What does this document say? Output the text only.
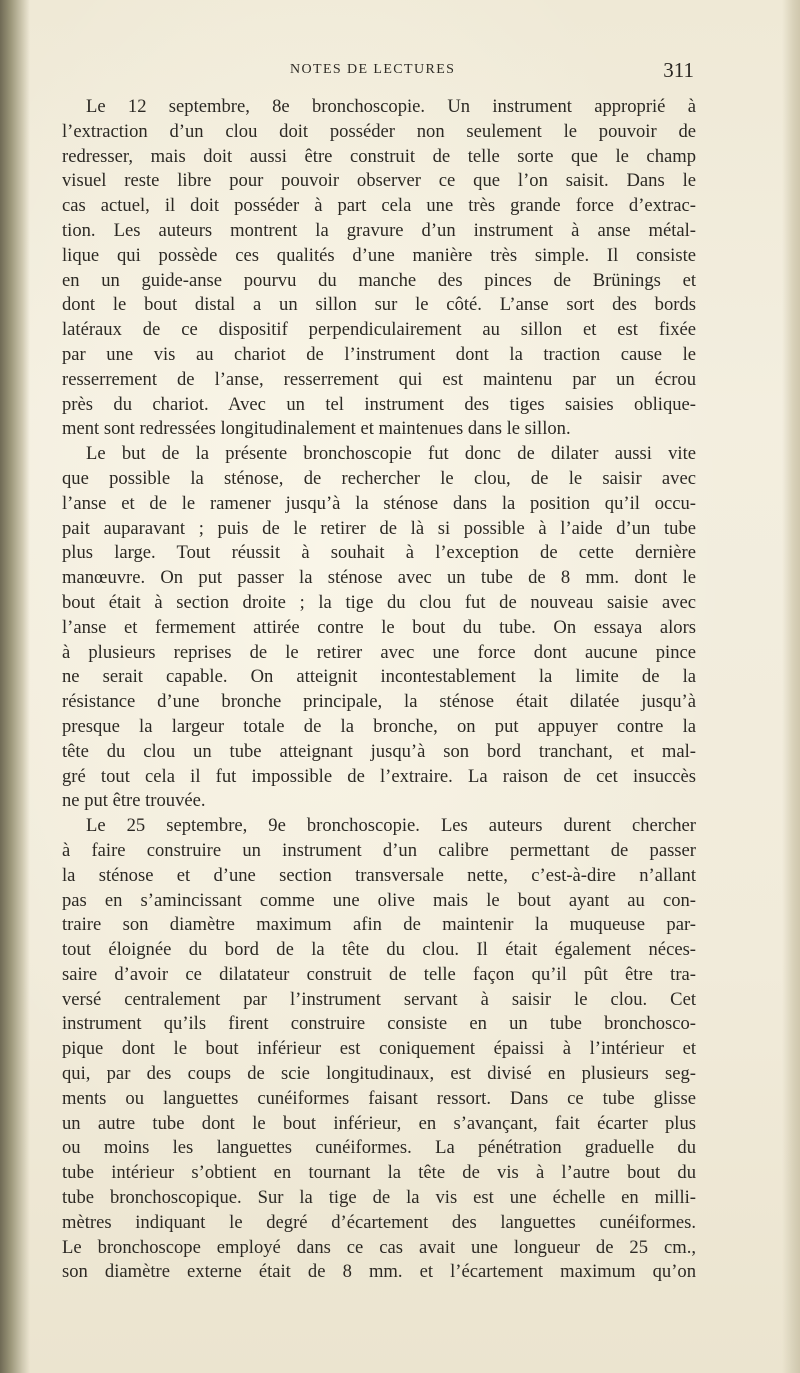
NOTES DE LECTURES	311
Le 12 septembre, 8e bronchoscopie. Un instrument approprié à
l’extraction d’un clou doit posséder non seulement le pouvoir de
redresser, mais doit aussi être construit de telle sorte que le champ
visuel reste libre pour pouvoir observer ce que l’on saisit. Dans le
cas actuel, il doit posséder à part cela une très grande force d’extrac-
tion. Les auteurs montrent la gravure d’un instrument à anse métal-
lique qui possède ces qualités d’une manière très simple. Il consiste
en un guide-anse pourvu du manche des pinces de Brünings et
dont le bout distal a un sillon sur le côté. L’anse sort des bords
latéraux de ce dispositif perpendiculairement au sillon et est fixée
par une vis au chariot de l’instrument dont la traction cause le
resserrement de l’anse, resserrement qui est maintenu par un écrou
près du chariot. Avec un tel instrument des tiges saisies oblique-
ment sont redressées longitudinalement et maintenues dans le sillon.
Le but de la présente bronchoscopie fut donc de dilater aussi vite
que possible la sténose, de rechercher le clou, de le saisir avec
l’anse et de le ramener jusqu’à la sténose dans la position qu’il occu-
pait auparavant ; puis de le retirer de là si possible à l’aide d’un tube
plus large. Tout réussit à souhait à l’exception de cette dernière
manœuvre. On put passer la sténose avec un tube de 8 mm. dont le
bout était à section droite ; la tige du clou fut de nouveau saisie avec
l’anse et fermement attirée contre le bout du tube. On essaya alors
à plusieurs reprises de le retirer avec une force dont aucune pince
ne serait capable. On atteignit incontestablement la limite de la
résistance d’une bronche principale, la sténose était dilatée jusqu’à
presque la largeur totale de la bronche, on put appuyer contre la
tête du clou un tube atteignant jusqu’à son bord tranchant, et mal-
gré tout cela il fut impossible de l’extraire. La raison de cet insuccès
ne put être trouvée.
Le 25 septembre, 9e bronchoscopie. Les auteurs durent chercher
à faire construire un instrument d’un calibre permettant de passer
la sténose et d’une section transversale nette, c’est-à-dire n’allant
pas en s’amincissant comme une olive mais le bout ayant au con-
traire son diamètre maximum afin de maintenir la muqueuse par-
tout éloignée du bord de la tête du clou. Il était également néces-
saire d’avoir ce dilatateur construit de telle façon qu’il pût être tra-
versé centralement par l’instrument servant à saisir le clou. Cet
instrument qu’ils firent construire consiste en un tube bronchosco-
pique dont le bout inférieur est coniquement épaissi à l’intérieur et
qui, par des coups de scie longitudinaux, est divisé en plusieurs seg-
ments ou languettes cunéiformes faisant ressort. Dans ce tube glisse
un autre tube dont le bout inférieur, en s’avançant, fait écarter plus
ou moins les languettes cunéiformes. La pénétration graduelle du
tube intérieur s’obtient en tournant la tête de vis à l’autre bout du
tube bronchoscopique. Sur la tige de la vis est une échelle en milli-
mètres indiquant le degré d’écartement des languettes cunéiformes.
Le bronchoscope employé dans ce cas avait une longueur de 25 cm.,
son diamètre externe était de 8 mm. et l’écartement maximum qu’on
